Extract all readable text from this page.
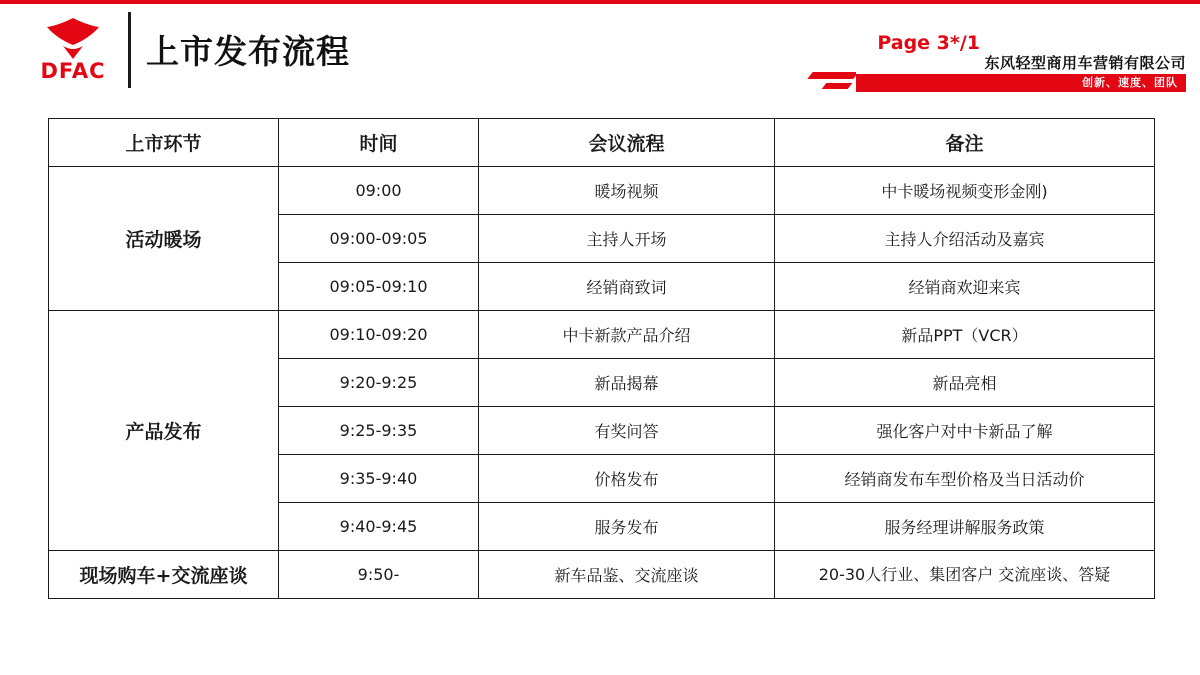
DFAC	上市发布流程	Page 3*/1
东风轻型商用车营销有限公司
创新、速度、团队
上市环节	时间	会议流程	备注
活动暖场	09:00	暖场视频	中卡暖场视频变形金刚)
	09:00-09:05	主持人开场	主持人介绍活动及嘉宾
	09:05-09:10	经销商致词	经销商欢迎来宾
产品发布	09:10-09:20	中卡新款产品介绍	新品PPT（VCR）
	9:20-9:25	新品揭幕	新品亮相
	9:25-9:35	有奖问答	强化客户对中卡新品了解
	9:35-9:40	价格发布	经销商发布车型价格及当日活动价
	9:40-9:45	服务发布	服务经理讲解服务政策
现场购车+交流座谈	9:50-	新车品鉴、交流座谈	20-30人行业、集团客户 交流座谈、答疑
